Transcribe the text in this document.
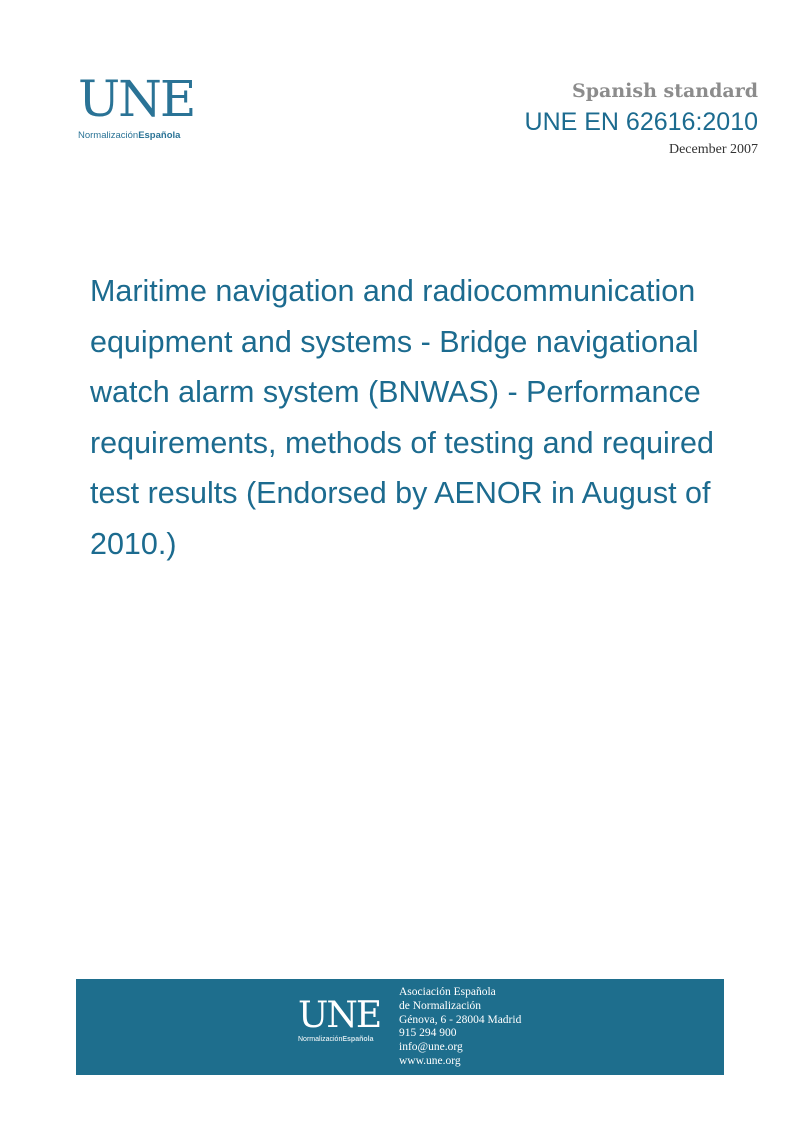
UNE
NormalizaciónEspañola
Spanish standard
UNE EN 62616:2010
December 2007
Maritime navigation and radiocommunication equipment and systems - Bridge navigational watch alarm system (BNWAS) - Performance requirements, methods of testing and required test results (Endorsed by AENOR in August of 2010.)
UNE
NormalizaciónEspañola
Asociación Española
de Normalización
Génova, 6 - 28004 Madrid
915 294 900
info@une.org
www.une.org
